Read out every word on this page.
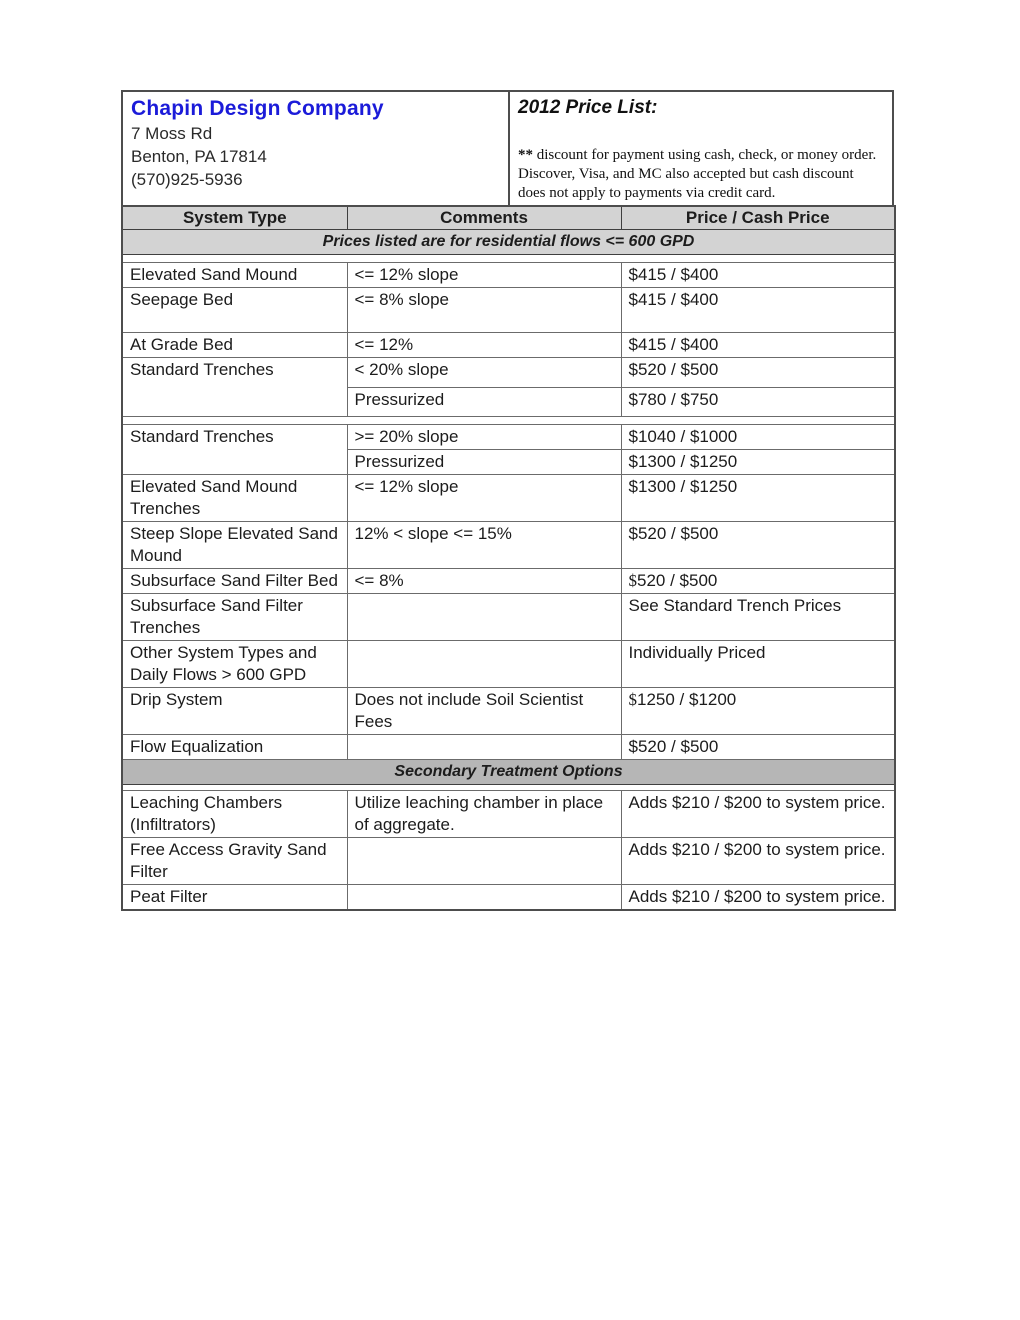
Chapin Design Company
7 Moss Rd
Benton, PA 17814
(570)925-5936
2012 Price List:
** discount for payment using cash, check, or money order. Discover, Visa, and MC also accepted but cash discount does not apply to payments via credit card.
System Type	Comments	Price / Cash Price
Prices listed are for residential flows <= 600 GPD		

Elevated Sand Mound	<= 12% slope	$415 / $400
Seepage Bed	<= 8% slope	$415 / $400
At Grade Bed	<= 12%	$415 / $400
Standard Trenches	< 20% slope	$520 / $500
	Pressurized	$780 / $750

Standard Trenches	>= 20% slope	$1040 / $1000
	Pressurized	$1300 / $1250
Elevated Sand Mound Trenches	<= 12% slope	$1300 / $1250
Steep Slope Elevated Sand Mound	12% < slope <= 15%	$520 / $500
Subsurface Sand Filter Bed	<= 8%	$520 / $500
Subsurface Sand Filter Trenches		See Standard Trench Prices
Other System Types and Daily Flows > 600 GPD		Individually Priced
Drip System	Does not include Soil Scientist Fees	$1250 / $1200
Flow Equalization		$520 / $500
Secondary Treatment Options		

Leaching Chambers (Infiltrators)	Utilize leaching chamber in place of aggregate.	Adds $210 / $200 to system price.
Free Access Gravity Sand Filter		Adds $210 / $200 to system price.
Peat Filter		Adds $210 / $200 to system price.
